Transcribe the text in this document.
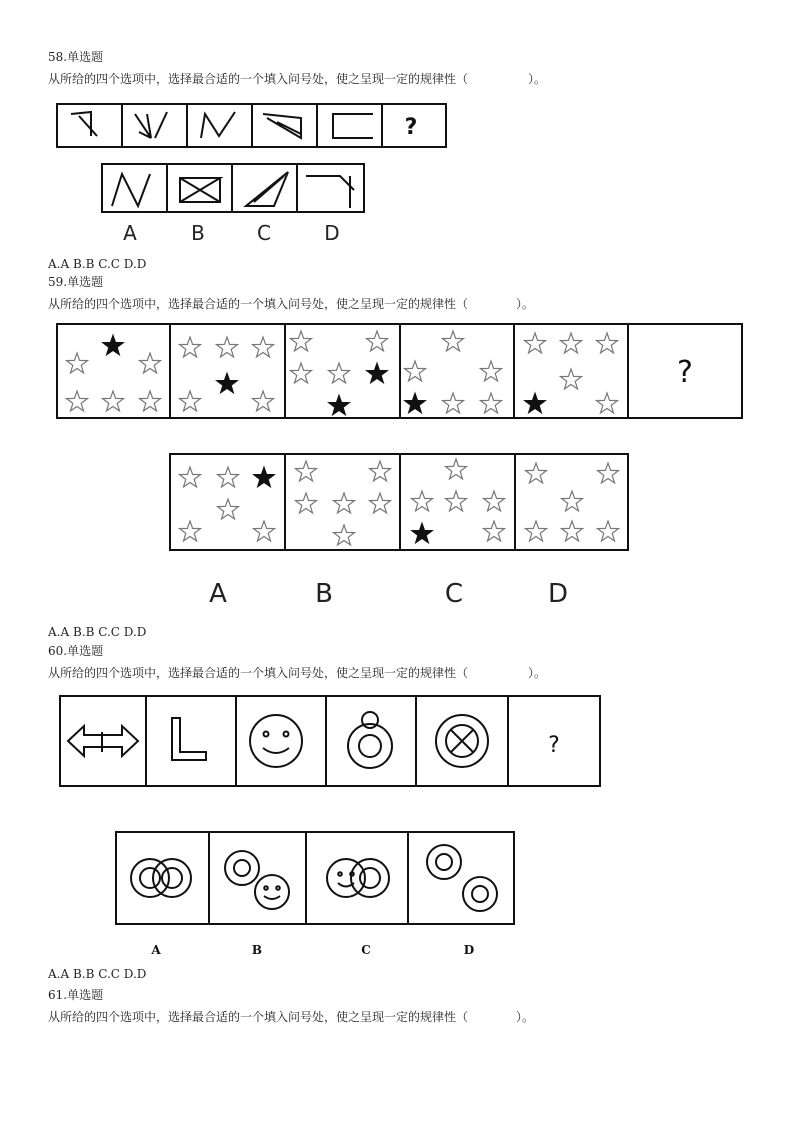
58.单选题
从所给的四个选项中，选择最合适的一个填入问号处，使之呈现一定的规律性（　　　　　）。
?
A	B	C	D
A.A B.B C.C D.D
59.单选题
从所给的四个选项中，选择最合适的一个填入问号处，使之呈现一定的规律性（　　　　）。
?
A	B	C	D
A.A B.B C.C D.D
60.单选题
从所给的四个选项中，选择最合适的一个填入问号处，使之呈现一定的规律性（　　　　　）。
?
A	B	C	D
A.A B.B C.C D.D
61.单选题
从所给的四个选项中，选择最合适的一个填入问号处，使之呈现一定的规律性（　　　　）。
